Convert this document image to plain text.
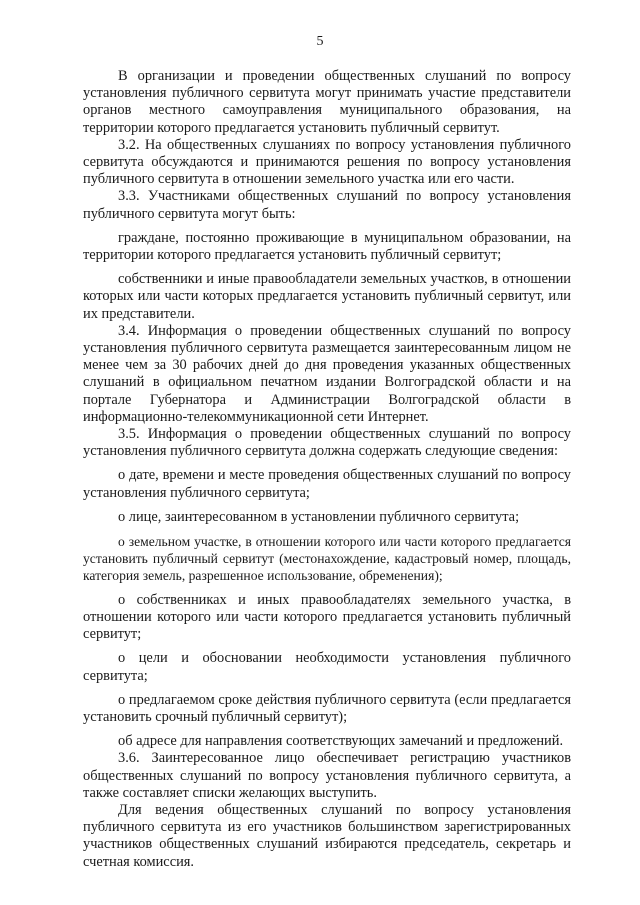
5

В организации и проведении общественных слушаний по вопросу установления публичного сервитута могут принимать участие представители органов местного самоуправления муниципального образования, на территории которого предлагается установить публичный сервитут.

3.2. На общественных слушаниях по вопросу установления публичного сервитута обсуждаются и принимаются решения по вопросу установления публичного сервитута в отношении земельного участка или его части.

3.3. Участниками общественных слушаний по вопросу установления публичного сервитута могут быть:

граждане, постоянно проживающие в муниципальном образовании, на территории которого предлагается установить публичный сервитут;

собственники и иные правообладатели земельных участков, в отношении которых или части которых предлагается установить публичный сервитут, или их представители.

3.4. Информация о проведении общественных слушаний по вопросу установления публичного сервитута размещается заинтересованным лицом не менее чем за 30 рабочих дней до дня проведения указанных общественных слушаний в официальном печатном издании Волгоградской области и на портале Губернатора и Администрации Волгоградской области в информационно-телекоммуникационной сети Интернет.

3.5. Информация о проведении общественных слушаний по вопросу установления публичного сервитута должна содержать следующие сведения:

о дате, времени и месте проведения общественных слушаний по вопросу установления публичного сервитута;

о лице, заинтересованном в установлении публичного сервитута;

о земельном участке, в отношении которого или части которого предлагается установить публичный сервитут (местонахождение, кадастровый номер, площадь, категория земель, разрешенное использование, обременения);

о собственниках и иных правообладателях земельного участка, в отношении которого или части которого предлагается установить публичный сервитут;

о цели и обосновании необходимости установления публичного сервитута;

о предлагаемом сроке действия публичного сервитута (если предлагается установить срочный публичный сервитут);

об адресе для направления соответствующих замечаний и предложений.

3.6. Заинтересованное лицо обеспечивает регистрацию участников общественных слушаний по вопросу установления публичного сервитута, а также составляет списки желающих выступить.

Для ведения общественных слушаний по вопросу установления публичного сервитута из его участников большинством зарегистрированных участников общественных слушаний избираются председатель, секретарь и счетная комиссия.
